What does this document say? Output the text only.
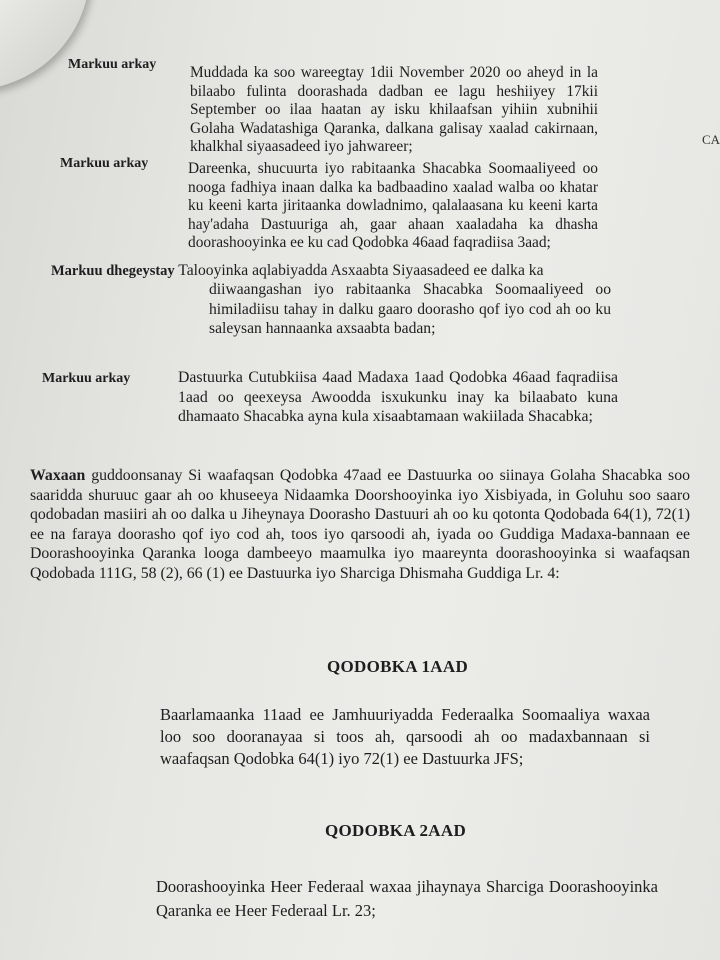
CA
Markuu arkay Muddada ka soo wareegtay 1dii November 2020 oo aheyd in la bilaabo fulinta doorashada dadban ee lagu heshiiyey 17kii September oo ilaa haatan ay isku khilaafsan yihiin xubnihii Golaha Wadatashiga Qaranka, dalkana galisay xaalad cakirnaan, khalkhal siyaasadeed iyo jahwareer;
Markuu arkay	Dareenka, shucuurta iyo rabitaanka Shacabka Soomaaliyeed oo nooga fadhiya inaan dalka ka badbaadino xaalad walba oo khatar ku keeni karta jiritaanka dowladnimo, qalalaasana ku keeni karta hay'adaha Dastuuriga ah, gaar ahaan xaaladaha ka dhasha doorashooyinka ee ku cad Qodobka 46aad faqradiisa 3aad;
Markuu dhegeystay Talooyinka aqlabiyadda Asxaabta Siyaasadeed ee dalka ka
diiwaangashan iyo rabitaanka Shacabka Soomaaliyeed oo himiladiisu tahay in dalku gaaro doorasho qof iyo cod ah oo ku saleysan hannaanka axsaabta badan;
Markuu arkay	Dastuurka Cutubkiisa 4aad Madaxa 1aad Qodobka 46aad faqradiisa 1aad oo qeexeysa Awoodda isxukunku inay ka bilaabato kuna dhamaato Shacabka ayna kula xisaabtamaan wakiilada Shacabka;
Waxaan guddoonsanay Si waafaqsan Qodobka 47aad ee Dastuurka oo siinaya Golaha Shacabka soo saaridda shuruuc gaar ah oo khuseeya Nidaamka Doorshooyinka iyo Xisbiyada, in Goluhu soo saaro qodobadan masiiri ah oo dalka u Jiheynaya Doorasho Dastuuri ah oo ku qotonta Qodobada 64(1), 72(1) ee na faraya doorasho qof iyo cod ah, toos iyo qarsoodi ah, iyada oo Guddiga Madaxa-bannaan ee Doorashooyinka Qaranka looga dambeeyo maamulka iyo maareynta doorashooyinka si waafaqsan Qodobada 111G, 58 (2), 66 (1) ee Dastuurka iyo Sharciga Dhismaha Guddiga Lr. 4:
QODOBKA 1AAD
Baarlamaanka 11aad ee Jamhuuriyadda Federaalka Soomaaliya waxaa loo soo dooranayaa si toos ah, qarsoodi ah oo madaxbannaan si waafaqsan Qodobka 64(1) iyo 72(1) ee Dastuurka JFS;
QODOBKA 2AAD
Doorashooyinka Heer Federaal waxaa jihaynaya Sharciga Doorashooyinka Qaranka ee Heer Federaal Lr. 23;
